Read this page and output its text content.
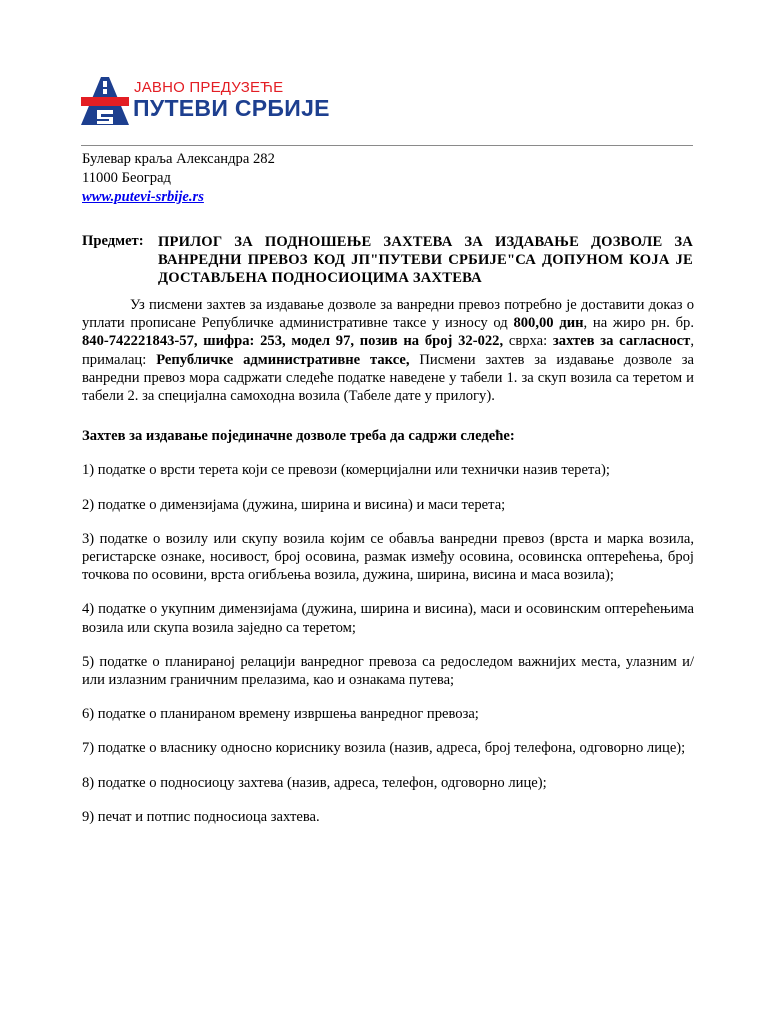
ЈАВНО ПРЕДУЗЕЋЕ
ПУТЕВИ СРБИЈЕ
Булевар краља Александра 282
11000 Београд
www.putevi-srbije.rs
Предмет: ПРИЛОГ ЗА ПОДНОШЕЊЕ ЗАХТЕВА ЗА ИЗДАВАЊЕ ДОЗВОЛЕ ЗА ВАНРЕДНИ ПРЕВОЗ КОД ЈП"ПУТЕВИ СРБИЈЕ"СА ДОПУНОМ КОЈА ЈЕ ДОСТАВЉЕНА ПОДНОСИОЦИМА ЗАХТЕВА

Уз писмени захтев за издавање дозволе за ванредни превоз потребно је доставити доказ о уплати прописане Републичке административне таксе у износу од 800,00 дин, на жиро рн. бр. 840-742221843-57, шифра: 253, модел 97, позив на број 32-022, сврха: захтев за сагласност, прималац: Републичке административне таксе, Писмени захтев за издавање дозволе за ванредни превоз мора садржати следеће податке наведене у табели 1. за скуп возила са теретом и табели 2. за специјална самоходна возила (Табеле дате у прилогу).

Захтев за издавање појединачне дозволе треба да садржи следеће:

1) податке о врсти терета који се превози (комерцијални или технички назив терета);

2) податке о димензијама (дужина, ширина и висина) и маси терета;

3) податке о возилу или скупу возила којим се обавља ванредни превоз (врста и марка возила, регистарске ознаке, носивост, број осовина, размак између осовина, осовинска оптерећења, број точкова по осовини, врста огибљења возила, дужина, ширина, висина и маса возила);

4) податке о укупним димензијама (дужина, ширина и висина), маси и осовинским оптерећењима возила или скупа возила заједно са теретом;

5) податке о планираној релацији ванредног превоза са редоследом важнијих места, улазним и/или излазним граничним прелазима, као и ознакама путева;

6) податке о планираном времену извршења ванредног превоза;

7) податке о власнику односно кориснику возила (назив, адреса, број телефона, одговорно лице);

8) податке о подносиоцу захтева (назив, адреса, телефон, одговорно лице);

9) печат и потпис подносиоца захтева.
